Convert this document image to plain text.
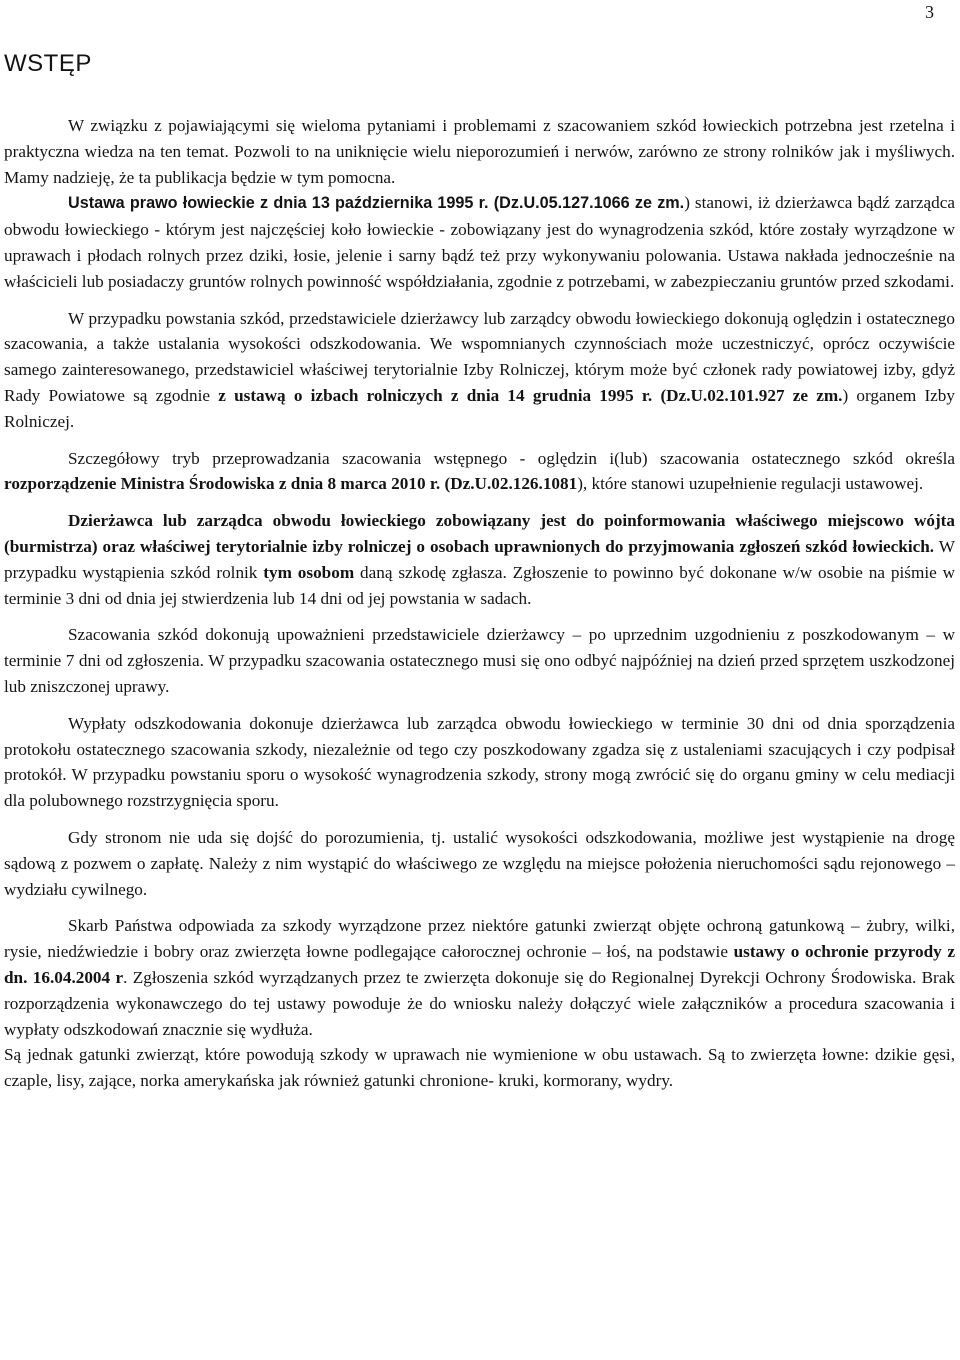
3
WSTĘP

W związku z pojawiającymi się wieloma pytaniami i problemami z szacowaniem szkód łowieckich potrzebna jest rzetelna i praktyczna wiedza na ten temat. Pozwoli to na uniknięcie wielu nieporozumień i nerwów, zarówno ze strony rolników jak i myśliwych. Mamy nadzieję, że ta publikacja będzie w tym pomocna.

Ustawa prawo łowieckie z dnia 13 października 1995 r. (Dz.U.05.127.1066 ze zm.) stanowi, iż dzierżawca bądź zarządca obwodu łowieckiego - którym jest najczęściej koło łowieckie - zobowiązany jest do wynagrodzenia szkód, które zostały wyrządzone w uprawach i płodach rolnych przez dziki, łosie, jelenie i sarny bądź też przy wykonywaniu polowania. Ustawa nakłada jednocześnie na właścicieli lub posiadaczy gruntów rolnych powinność współdziałania, zgodnie z potrzebami, w zabezpieczaniu gruntów przed szkodami.

W przypadku powstania szkód, przedstawiciele dzierżawcy lub zarządcy obwodu łowieckiego dokonują oględzin i ostatecznego szacowania, a także ustalania wysokości odszkodowania. We wspomnianych czynnościach może uczestniczyć, oprócz oczywiście samego zainteresowanego, przedstawiciel właściwej terytorialnie Izby Rolniczej, którym może być członek rady powiatowej izby, gdyż Rady Powiatowe są zgodnie z ustawą o izbach rolniczych z dnia 14 grudnia 1995 r. (Dz.U.02.101.927 ze zm.) organem Izby Rolniczej.

Szczegółowy tryb przeprowadzania szacowania wstępnego - oględzin i(lub) szacowania ostatecznego szkód określa rozporządzenie Ministra Środowiska z dnia 8 marca 2010 r. (Dz.U.02.126.1081), które stanowi uzupełnienie regulacji ustawowej.

Dzierżawca lub zarządca obwodu łowieckiego zobowiązany jest do poinformowania właściwego miejscowo wójta (burmistrza) oraz właściwej terytorialnie izby rolniczej o osobach uprawnionych do przyjmowania zgłoszeń szkód łowieckich. W przypadku wystąpienia szkód rolnik tym osobom daną szkodę zgłasza. Zgłoszenie to powinno być dokonane w/w osobie na piśmie w terminie 3 dni od dnia jej stwierdzenia lub 14 dni od jej powstania w sadach.

Szacowania szkód dokonują upoważnieni przedstawiciele dzierżawcy – po uprzednim uzgodnieniu z poszkodowanym – w terminie 7 dni od zgłoszenia. W przypadku szacowania ostatecznego musi się ono odbyć najpóźniej na dzień przed sprzętem uszkodzonej lub zniszczonej uprawy.

Wypłaty odszkodowania dokonuje dzierżawca lub zarządca obwodu łowieckiego w terminie 30 dni od dnia sporządzenia protokołu ostatecznego szacowania szkody, niezależnie od tego czy poszkodowany zgadza się z ustaleniami szacujących i czy podpisał protokół. W przypadku powstaniu sporu o wysokość wynagrodzenia szkody, strony mogą zwrócić się do organu gminy w celu mediacji dla polubownego rozstrzygnięcia sporu.

Gdy stronom nie uda się dojść do porozumienia, tj. ustalić wysokości odszkodowania, możliwe jest wystąpienie na drogę sądową z pozwem o zapłatę. Należy z nim wystąpić do właściwego ze względu na miejsce położenia nieruchomości sądu rejonowego – wydziału cywilnego.

Skarb Państwa odpowiada za szkody wyrządzone przez niektóre gatunki zwierząt objęte ochroną gatunkową – żubry, wilki, rysie, niedźwiedzie i bobry oraz zwierzęta łowne podlegające całorocznej ochronie – łoś, na podstawie ustawy o ochronie przyrody z dn. 16.04.2004 r. Zgłoszenia szkód wyrządzanych przez te zwierzęta dokonuje się do Regionalnej Dyrekcji Ochrony Środowiska. Brak rozporządzenia wykonawczego do tej ustawy powoduje że do wniosku należy dołączyć wiele załączników a procedura szacowania i wypłaty odszkodowań znacznie się wydłuża.

Są jednak gatunki zwierząt, które powodują szkody w uprawach nie wymienione w obu ustawach. Są to zwierzęta łowne: dzikie gęsi, czaple, lisy, zające, norka amerykańska jak również gatunki chronione- kruki, kormorany, wydry.
